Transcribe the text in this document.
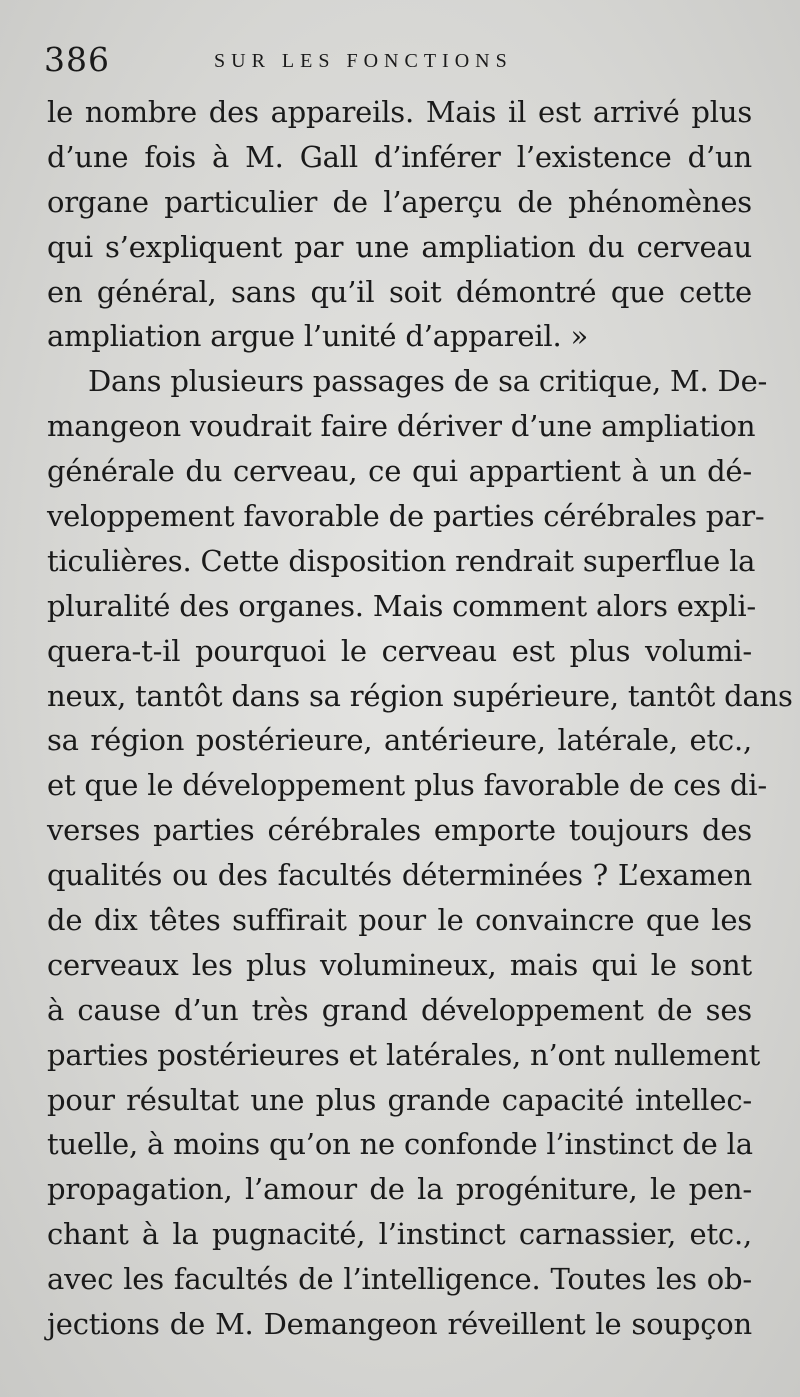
386	SUR LES FONCTIONS
le nombre des appareils. Mais il est arrivé plus
d’une fois à M. Gall d’inférer l’existence d’un
organe particulier de l’aperçu de phénomènes
qui s’expliquent par une ampliation du cerveau
en général, sans qu’il soit démontré que cette
ampliation argue l’unité d’appareil. »
Dans plusieurs passages de sa critique, M. De-
mangeon voudrait faire dériver d’une ampliation
générale du cerveau, ce qui appartient à un dé-
veloppement favorable de parties cérébrales par-
ticulières. Cette disposition rendrait superflue la
pluralité des organes. Mais comment alors expli-
quera-t-il pourquoi le cerveau est plus volumi-
neux, tantôt dans sa région supérieure, tantôt dans
sa région postérieure, antérieure, latérale, etc.,
et que le développement plus favorable de ces di-
verses parties cérébrales emporte toujours des
qualités ou des facultés déterminées ? L’examen
de dix têtes suffirait pour le convaincre que les
cerveaux les plus volumineux, mais qui le sont
à cause d’un très grand développement de ses
parties postérieures et latérales, n’ont nullement
pour résultat une plus grande capacité intellec-
tuelle, à moins qu’on ne confonde l’instinct de la
propagation, l’amour de la progéniture, le pen-
chant à la pugnacité, l’instinct carnassier, etc.,
avec les facultés de l’intelligence. Toutes les ob-
jections de M. Demangeon réveillent le soupçon
